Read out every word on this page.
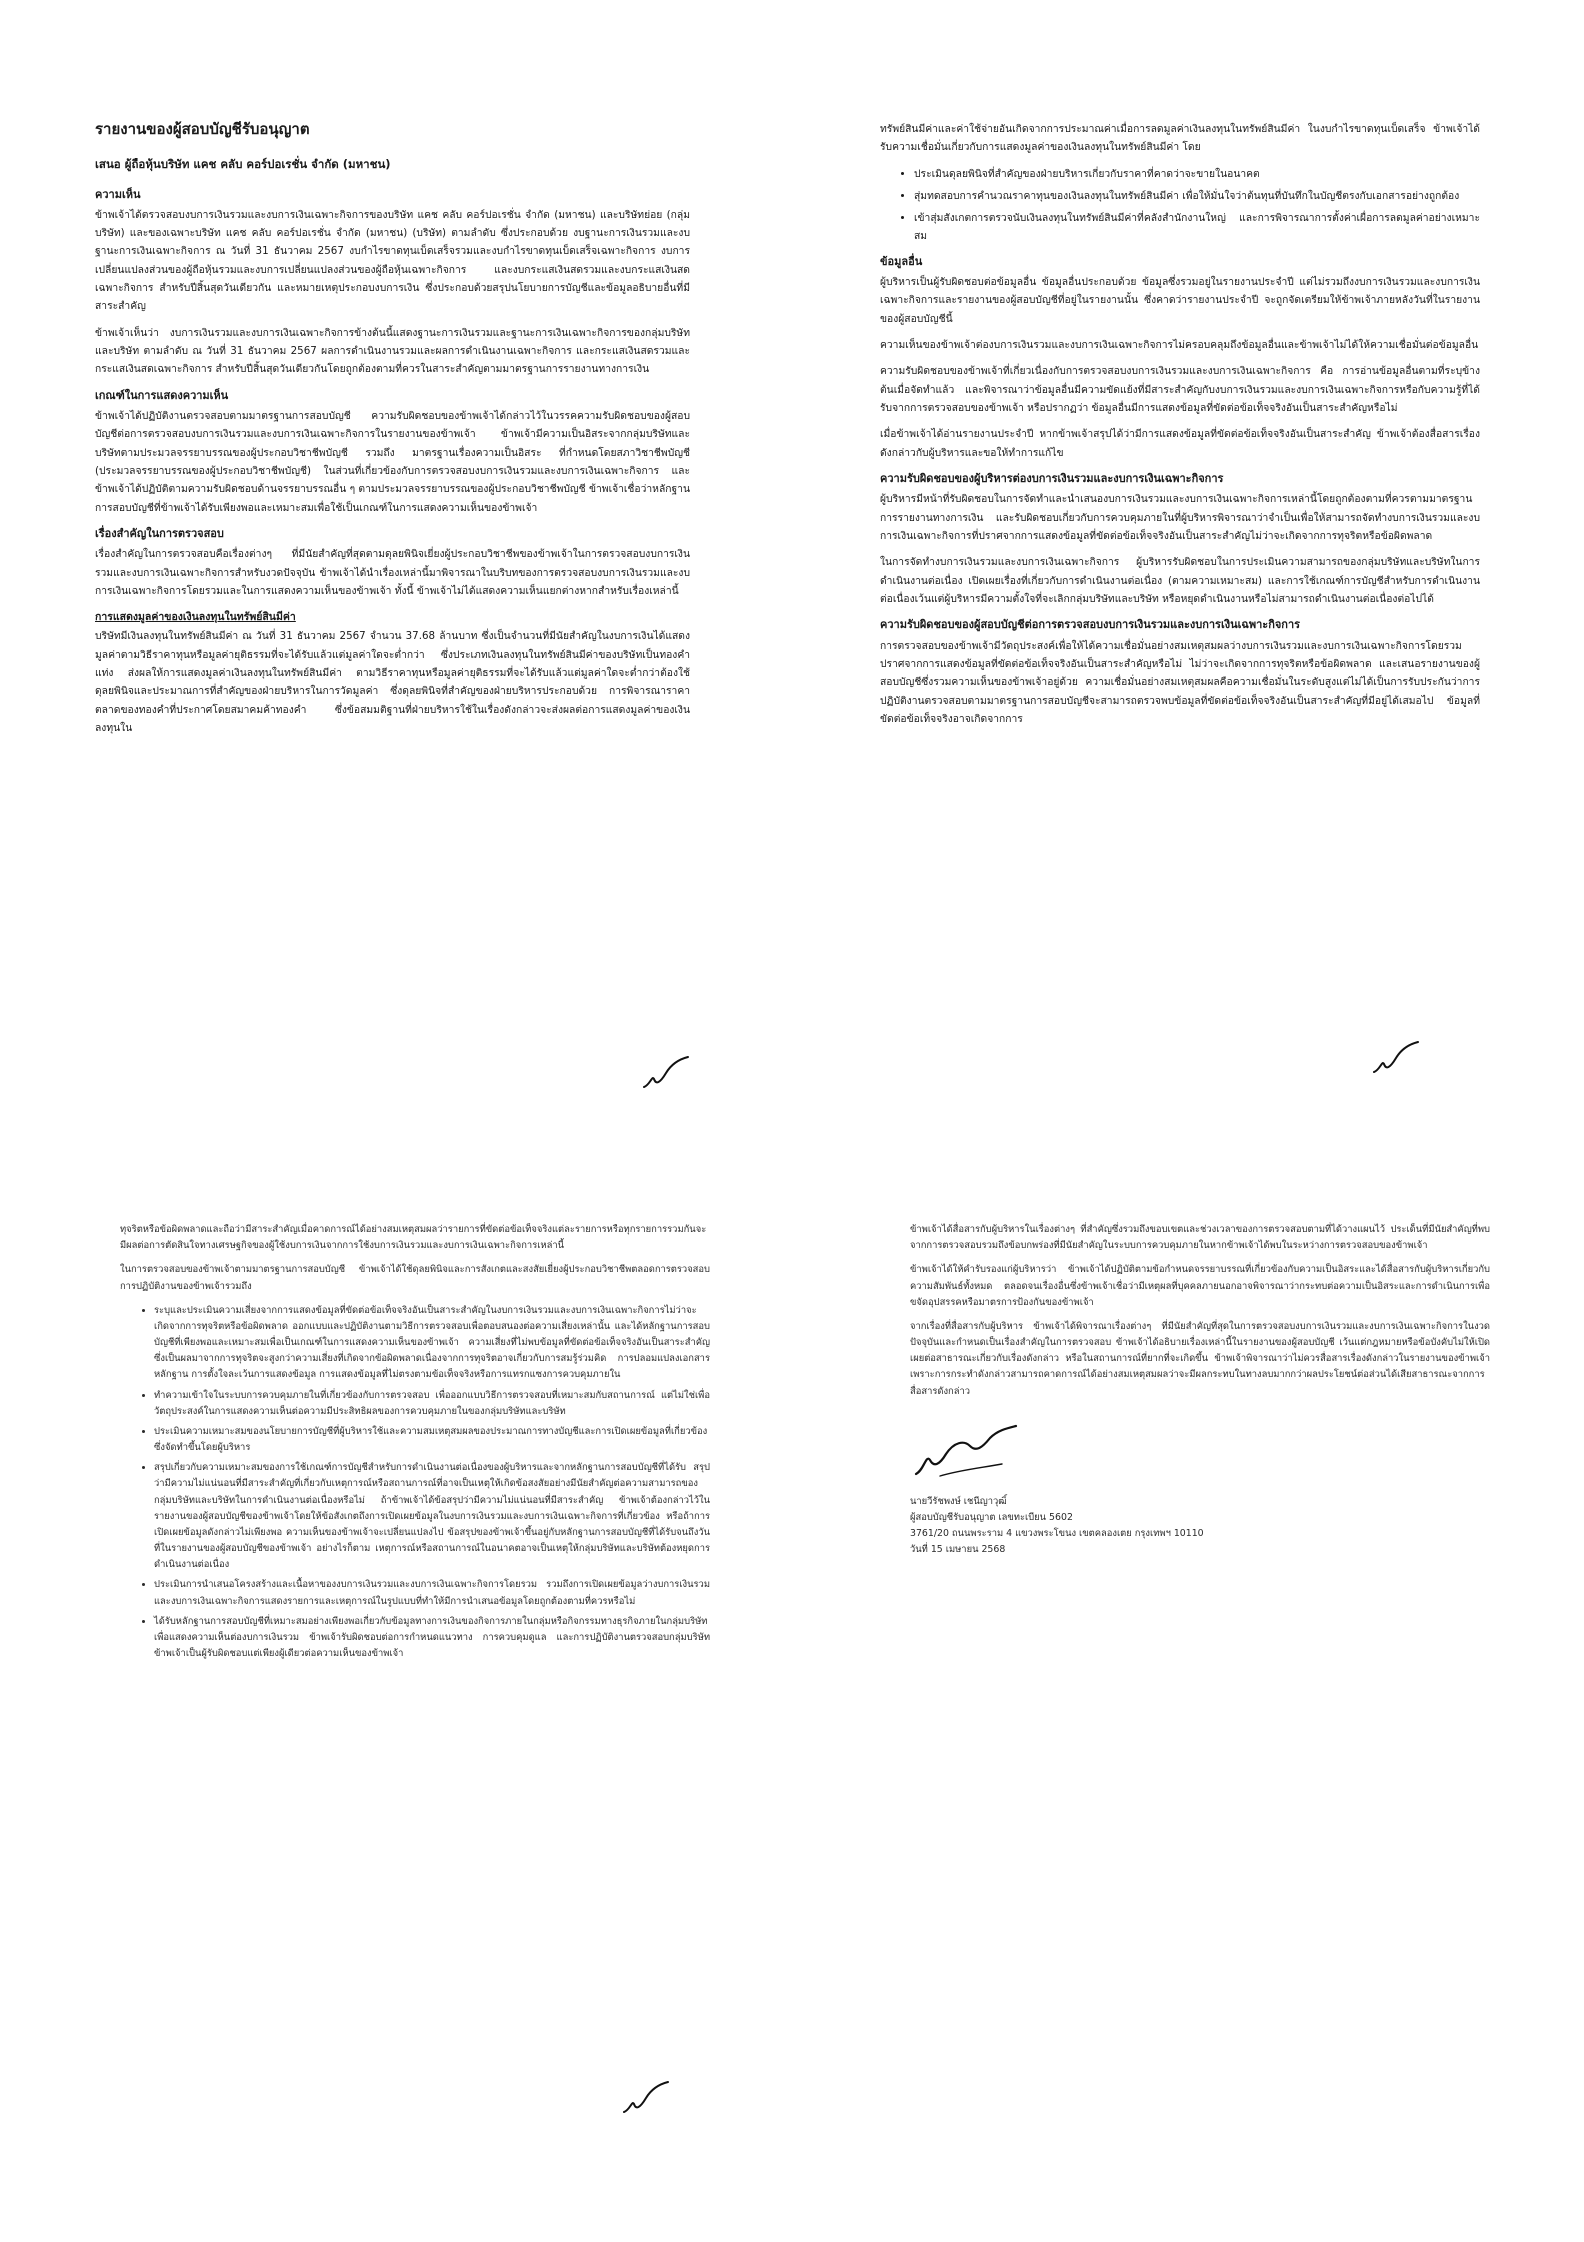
รายงานของผู้สอบบัญชีรับอนุญาต
เสนอ ผู้ถือหุ้นบริษัท แคช คลับ คอร์ปอเรชั่น จำกัด (มหาชน)
ความเห็น

ข้าพเจ้าได้ตรวจสอบงบการเงินรวมและงบการเงินเฉพาะกิจการของบริษัท แคช คลับ คอร์ปอเรชั่น จำกัด (มหาชน) และบริษัทย่อย (กลุ่มบริษัท) และของเฉพาะบริษัท แคช คลับ คอร์ปอเรชั่น จำกัด (มหาชน) (บริษัท) ตามลำดับ ซึ่งประกอบด้วย งบฐานะการเงินรวมและงบฐานะการเงินเฉพาะกิจการ ณ วันที่ 31 ธันวาคม 2567 งบกำไรขาดทุนเบ็ดเสร็จรวมและงบกำไรขาดทุนเบ็ดเสร็จเฉพาะกิจการ งบการเปลี่ยนแปลงส่วนของผู้ถือหุ้นรวมและงบการเปลี่ยนแปลงส่วนของผู้ถือหุ้นเฉพาะกิจการ และงบกระแสเงินสดรวมและงบกระแสเงินสดเฉพาะกิจการ สำหรับปีสิ้นสุดวันเดียวกัน และหมายเหตุประกอบงบการเงิน ซึ่งประกอบด้วยสรุปนโยบายการบัญชีและข้อมูลอธิบายอื่นที่มีสาระสำคัญ

ข้าพเจ้าเห็นว่า งบการเงินรวมและงบการเงินเฉพาะกิจการข้างต้นนี้แสดงฐานะการเงินรวมและฐานะการเงินเฉพาะกิจการของกลุ่มบริษัทและบริษัท ตามลำดับ ณ วันที่ 31 ธันวาคม 2567 ผลการดำเนินงานรวมและผลการดำเนินงานเฉพาะกิจการ และกระแสเงินสดรวมและกระแสเงินสดเฉพาะกิจการ สำหรับปีสิ้นสุดวันเดียวกันโดยถูกต้องตามที่ควรในสาระสำคัญตามมาตรฐานการรายงานทางการเงิน

เกณฑ์ในการแสดงความเห็น

ข้าพเจ้าได้ปฏิบัติงานตรวจสอบตามมาตรฐานการสอบบัญชี ความรับผิดชอบของข้าพเจ้าได้กล่าวไว้ในวรรคความรับผิดชอบของผู้สอบบัญชีต่อการตรวจสอบงบการเงินรวมและงบการเงินเฉพาะกิจการในรายงานของข้าพเจ้า ข้าพเจ้ามีความเป็นอิสระจากกลุ่มบริษัทและบริษัทตามประมวลจรรยาบรรณของผู้ประกอบวิชาชีพบัญชี รวมถึง มาตรฐานเรื่องความเป็นอิสระ ที่กำหนดโดยสภาวิชาชีพบัญชี (ประมวลจรรยาบรรณของผู้ประกอบวิชาชีพบัญชี) ในส่วนที่เกี่ยวข้องกับการตรวจสอบงบการเงินรวมและงบการเงินเฉพาะกิจการ และข้าพเจ้าได้ปฏิบัติตามความรับผิดชอบด้านจรรยาบรรณอื่น ๆ ตามประมวลจรรยาบรรณของผู้ประกอบวิชาชีพบัญชี ข้าพเจ้าเชื่อว่าหลักฐานการสอบบัญชีที่ข้าพเจ้าได้รับเพียงพอและเหมาะสมเพื่อใช้เป็นเกณฑ์ในการแสดงความเห็นของข้าพเจ้า

เรื่องสำคัญในการตรวจสอบ

เรื่องสำคัญในการตรวจสอบคือเรื่องต่างๆ ที่มีนัยสำคัญที่สุดตามดุลยพินิจเยี่ยงผู้ประกอบวิชาชีพของข้าพเจ้าในการตรวจสอบงบการเงินรวมและงบการเงินเฉพาะกิจการสำหรับงวดปัจจุบัน ข้าพเจ้าได้นำเรื่องเหล่านี้มาพิจารณาในบริบทของการตรวจสอบงบการเงินรวมและงบการเงินเฉพาะกิจการโดยรวมและในการแสดงความเห็นของข้าพเจ้า ทั้งนี้ ข้าพเจ้าไม่ได้แสดงความเห็นแยกต่างหากสำหรับเรื่องเหล่านี้

การแสดงมูลค่าของเงินลงทุนในทรัพย์สินมีค่า

บริษัทมีเงินลงทุนในทรัพย์สินมีค่า ณ วันที่ 31 ธันวาคม 2567 จำนวน 37.68 ล้านบาท ซึ่งเป็นจำนวนที่มีนัยสำคัญในงบการเงินได้แสดงมูลค่าตามวิธีราคาทุนหรือมูลค่ายุติธรรมที่จะได้รับแล้วแต่มูลค่าใดจะต่ำกว่า ซึ่งประเภทเงินลงทุนในทรัพย์สินมีค่าของบริษัทเป็นทองคำแท่ง ส่งผลให้การแสดงมูลค่าเงินลงทุนในทรัพย์สินมีค่า ตามวิธีราคาทุนหรือมูลค่ายุติธรรมที่จะได้รับแล้วแต่มูลค่าใดจะต่ำกว่าต้องใช้ดุลยพินิจและประมาณการที่สำคัญของฝ่ายบริหารในการวัดมูลค่า ซึ่งดุลยพินิจที่สำคัญของฝ่ายบริหารประกอบด้วย การพิจารณาราคาตลาดของทองคำที่ประกาศโดยสมาคมค้าทองคำ ซึ่งข้อสมมติฐานที่ฝ่ายบริหารใช้ในเรื่องดังกล่าวจะส่งผลต่อการแสดงมูลค่าของเงินลงทุนใน

ทรัพย์สินมีค่าและค่าใช้จ่ายอันเกิดจากการประมาณค่าเมื่อการลดมูลค่าเงินลงทุนในทรัพย์สินมีค่า ในงบกำไรขาดทุนเบ็ดเสร็จ ข้าพเจ้าได้รับความเชื่อมั่นเกี่ยวกับการแสดงมูลค่าของเงินลงทุนในทรัพย์สินมีค่า โดย

• ประเมินดุลยพินิจที่สำคัญของฝ่ายบริหารเกี่ยวกับราคาที่คาดว่าจะขายในอนาคต
• สุ่มทดสอบการคำนวณราคาทุนของเงินลงทุนในทรัพย์สินมีค่า เพื่อให้มั่นใจว่าต้นทุนที่บันทึกในบัญชีตรงกับเอกสารอย่างถูกต้อง
• เข้าสุ่มสังเกตการตรวจนับเงินลงทุนในทรัพย์สินมีค่าที่คลังสำนักงานใหญ่ และการพิจารณาการตั้งค่าเผื่อการลดมูลค่าอย่างเหมาะสม
ข้อมูลอื่น

ผู้บริหารเป็นผู้รับผิดชอบต่อข้อมูลอื่น ข้อมูลอื่นประกอบด้วย ข้อมูลซึ่งรวมอยู่ในรายงานประจำปี แต่ไม่รวมถึงงบการเงินรวมและงบการเงินเฉพาะกิจการและรายงานของผู้สอบบัญชีที่อยู่ในรายงานนั้น ซึ่งคาดว่ารายงานประจำปี จะถูกจัดเตรียมให้ข้าพเจ้าภายหลังวันที่ในรายงานของผู้สอบบัญชีนี้

ความเห็นของข้าพเจ้าต่องบการเงินรวมและงบการเงินเฉพาะกิจการไม่ครอบคลุมถึงข้อมูลอื่นและข้าพเจ้าไม่ได้ให้ความเชื่อมั่นต่อข้อมูลอื่น

ความรับผิดชอบของข้าพเจ้าที่เกี่ยวเนื่องกับการตรวจสอบงบการเงินรวมและงบการเงินเฉพาะกิจการ คือ การอ่านข้อมูลอื่นตามที่ระบุข้างต้นเมื่อจัดทำแล้ว และพิจารณาว่าข้อมูลอื่นมีความขัดแย้งที่มีสาระสำคัญกับงบการเงินรวมและงบการเงินเฉพาะกิจการหรือกับความรู้ที่ได้รับจากการตรวจสอบของข้าพเจ้า หรือปรากฏว่า ข้อมูลอื่นมีการแสดงข้อมูลที่ขัดต่อข้อเท็จจริงอันเป็นสาระสำคัญหรือไม่

เมื่อข้าพเจ้าได้อ่านรายงานประจำปี หากข้าพเจ้าสรุปได้ว่ามีการแสดงข้อมูลที่ขัดต่อข้อเท็จจริงอันเป็นสาระสำคัญ ข้าพเจ้าต้องสื่อสารเรื่องดังกล่าวกับผู้บริหารและขอให้ทำการแก้ไข

ความรับผิดชอบของผู้บริหารต่องบการเงินรวมและงบการเงินเฉพาะกิจการ

ผู้บริหารมีหน้าที่รับผิดชอบในการจัดทำและนำเสนองบการเงินรวมและงบการเงินเฉพาะกิจการเหล่านี้โดยถูกต้องตามที่ควรตามมาตรฐานการรายงานทางการเงิน และรับผิดชอบเกี่ยวกับการควบคุมภายในที่ผู้บริหารพิจารณาว่าจำเป็นเพื่อให้สามารถจัดทำงบการเงินรวมและงบการเงินเฉพาะกิจการที่ปราศจากการแสดงข้อมูลที่ขัดต่อข้อเท็จจริงอันเป็นสาระสำคัญไม่ว่าจะเกิดจากการทุจริตหรือข้อผิดพลาด

ในการจัดทำงบการเงินรวมและงบการเงินเฉพาะกิจการ ผู้บริหารรับผิดชอบในการประเมินความสามารถของกลุ่มบริษัทและบริษัทในการดำเนินงานต่อเนื่อง เปิดเผยเรื่องที่เกี่ยวกับการดำเนินงานต่อเนื่อง (ตามความเหมาะสม) และการใช้เกณฑ์การบัญชีสำหรับการดำเนินงานต่อเนื่องเว้นแต่ผู้บริหารมีความตั้งใจที่จะเลิกกลุ่มบริษัทและบริษัท หรือหยุดดำเนินงานหรือไม่สามารถดำเนินงานต่อเนื่องต่อไปได้

ความรับผิดชอบของผู้สอบบัญชีต่อการตรวจสอบงบการเงินรวมและงบการเงินเฉพาะกิจการ

การตรวจสอบของข้าพเจ้ามีวัตถุประสงค์เพื่อให้ได้ความเชื่อมั่นอย่างสมเหตุสมผลว่างบการเงินรวมและงบการเงินเฉพาะกิจการโดยรวมปราศจากการแสดงข้อมูลที่ขัดต่อข้อเท็จจริงอันเป็นสาระสำคัญหรือไม่ ไม่ว่าจะเกิดจากการทุจริตหรือข้อผิดพลาด และเสนอรายงานของผู้สอบบัญชีซึ่งรวมความเห็นของข้าพเจ้าอยู่ด้วย ความเชื่อมั่นอย่างสมเหตุสมผลคือความเชื่อมั่นในระดับสูงแต่ไม่ได้เป็นการรับประกันว่าการปฏิบัติงานตรวจสอบตามมาตรฐานการสอบบัญชีจะสามารถตรวจพบข้อมูลที่ขัดต่อข้อเท็จจริงอันเป็นสาระสำคัญที่มีอยู่ได้เสมอไป ข้อมูลที่ขัดต่อข้อเท็จจริงอาจเกิดจากการ

ทุจริตหรือข้อผิดพลาดและถือว่ามีสาระสำคัญเมื่อคาดการณ์ได้อย่างสมเหตุสมผลว่ารายการที่ขัดต่อข้อเท็จจริงแต่ละรายการหรือทุกรายการรวมกันจะมีผลต่อการตัดสินใจทางเศรษฐกิจของผู้ใช้งบการเงินจากการใช้งบการเงินรวมและงบการเงินเฉพาะกิจการเหล่านี้

ในการตรวจสอบของข้าพเจ้าตามมาตรฐานการสอบบัญชี ข้าพเจ้าได้ใช้ดุลยพินิจและการสังเกตและสงสัยเยี่ยงผู้ประกอบวิชาชีพตลอดการตรวจสอบ การปฏิบัติงานของข้าพเจ้ารวมถึง

• ระบุและประเมินความเสี่ยงจากการแสดงข้อมูลที่ขัดต่อข้อเท็จจริงอันเป็นสาระสำคัญในงบการเงินรวมและงบการเงินเฉพาะกิจการไม่ว่าจะเกิดจากการทุจริตหรือข้อผิดพลาด ออกแบบและปฏิบัติงานตามวิธีการตรวจสอบเพื่อตอบสนองต่อความเสี่ยงเหล่านั้น และได้หลักฐานการสอบบัญชีที่เพียงพอและเหมาะสมเพื่อเป็นเกณฑ์ในการแสดงความเห็นของข้าพเจ้า ความเสี่ยงที่ไม่พบข้อมูลที่ขัดต่อข้อเท็จจริงอันเป็นสาระสำคัญซึ่งเป็นผลมาจากการทุจริตจะสูงกว่าความเสี่ยงที่เกิดจากข้อผิดพลาดเนื่องจากการทุจริตอาจเกี่ยวกับการสมรู้ร่วมคิด การปลอมแปลงเอกสารหลักฐาน การตั้งใจละเว้นการแสดงข้อมูล การแสดงข้อมูลที่ไม่ตรงตามข้อเท็จจริงหรือการแทรกแซงการควบคุมภายใน
• ทำความเข้าใจในระบบการควบคุมภายในที่เกี่ยวข้องกับการตรวจสอบ เพื่อออกแบบวิธีการตรวจสอบที่เหมาะสมกับสถานการณ์ แต่ไม่ใช่เพื่อวัตถุประสงค์ในการแสดงความเห็นต่อความมีประสิทธิผลของการควบคุมภายในของกลุ่มบริษัทและบริษัท
• ประเมินความเหมาะสมของนโยบายการบัญชีที่ผู้บริหารใช้และความสมเหตุสมผลของประมาณการทางบัญชีและการเปิดเผยข้อมูลที่เกี่ยวข้องซึ่งจัดทำขึ้นโดยผู้บริหาร
• สรุปเกี่ยวกับความเหมาะสมของการใช้เกณฑ์การบัญชีสำหรับการดำเนินงานต่อเนื่องของผู้บริหารและจากหลักฐานการสอบบัญชีที่ได้รับ สรุปว่ามีความไม่แน่นอนที่มีสาระสำคัญที่เกี่ยวกับเหตุการณ์หรือสถานการณ์ที่อาจเป็นเหตุให้เกิดข้อสงสัยอย่างมีนัยสำคัญต่อความสามารถของกลุ่มบริษัทและบริษัทในการดำเนินงานต่อเนื่องหรือไม่ ถ้าข้าพเจ้าได้ข้อสรุปว่ามีความไม่แน่นอนที่มีสาระสำคัญ ข้าพเจ้าต้องกล่าวไว้ในรายงานของผู้สอบบัญชีของข้าพเจ้าโดยให้ข้อสังเกตถึงการเปิดเผยข้อมูลในงบการเงินรวมและงบการเงินเฉพาะกิจการที่เกี่ยวข้อง หรือถ้าการเปิดเผยข้อมูลดังกล่าวไม่เพียงพอ ความเห็นของข้าพเจ้าจะเปลี่ยนแปลงไป ข้อสรุปของข้าพเจ้าขึ้นอยู่กับหลักฐานการสอบบัญชีที่ได้รับจนถึงวันที่ในรายงานของผู้สอบบัญชีของข้าพเจ้า อย่างไรก็ตาม เหตุการณ์หรือสถานการณ์ในอนาคตอาจเป็นเหตุให้กลุ่มบริษัทและบริษัทต้องหยุดการดำเนินงานต่อเนื่อง
• ประเมินการนำเสนอโครงสร้างและเนื้อหาของงบการเงินรวมและงบการเงินเฉพาะกิจการโดยรวม รวมถึงการเปิดเผยข้อมูลว่างบการเงินรวมและงบการเงินเฉพาะกิจการแสดงรายการและเหตุการณ์ในรูปแบบที่ทำให้มีการนำเสนอข้อมูลโดยถูกต้องตามที่ควรหรือไม่
• ได้รับหลักฐานการสอบบัญชีที่เหมาะสมอย่างเพียงพอเกี่ยวกับข้อมูลทางการเงินของกิจการภายในกลุ่มหรือกิจกรรมทางธุรกิจภายในกลุ่มบริษัทเพื่อแสดงความเห็นต่องบการเงินรวม ข้าพเจ้ารับผิดชอบต่อการกำหนดแนวทาง การควบคุมดูแล และการปฏิบัติงานตรวจสอบกลุ่มบริษัท ข้าพเจ้าเป็นผู้รับผิดชอบแต่เพียงผู้เดียวต่อความเห็นของข้าพเจ้า

ข้าพเจ้าได้สื่อสารกับผู้บริหารในเรื่องต่างๆ ที่สำคัญซึ่งรวมถึงขอบเขตและช่วงเวลาของการตรวจสอบตามที่ได้วางแผนไว้ ประเด็นที่มีนัยสำคัญที่พบจากการตรวจสอบรวมถึงข้อบกพร่องที่มีนัยสำคัญในระบบการควบคุมภายในหากข้าพเจ้าได้พบในระหว่างการตรวจสอบของข้าพเจ้า

ข้าพเจ้าได้ให้คำรับรองแก่ผู้บริหารว่า ข้าพเจ้าได้ปฏิบัติตามข้อกำหนดจรรยาบรรณที่เกี่ยวข้องกับความเป็นอิสระและได้สื่อสารกับผู้บริหารเกี่ยวกับความสัมพันธ์ทั้งหมด ตลอดจนเรื่องอื่นซึ่งข้าพเจ้าเชื่อว่ามีเหตุผลที่บุคคลภายนอกอาจพิจารณาว่ากระทบต่อความเป็นอิสระและการดำเนินการเพื่อขจัดอุปสรรคหรือมาตรการป้องกันของข้าพเจ้า

จากเรื่องที่สื่อสารกับผู้บริหาร ข้าพเจ้าได้พิจารณาเรื่องต่างๆ ที่มีนัยสำคัญที่สุดในการตรวจสอบงบการเงินรวมและงบการเงินเฉพาะกิจการในงวดปัจจุบันและกำหนดเป็นเรื่องสำคัญในการตรวจสอบ ข้าพเจ้าได้อธิบายเรื่องเหล่านี้ในรายงานของผู้สอบบัญชี เว้นแต่กฎหมายหรือข้อบังคับไม่ให้เปิดเผยต่อสาธารณะเกี่ยวกับเรื่องดังกล่าว หรือในสถานการณ์ที่ยากที่จะเกิดขึ้น ข้าพเจ้าพิจารณาว่าไม่ควรสื่อสารเรื่องดังกล่าวในรายงานของข้าพเจ้าเพราะการกระทำดังกล่าวสามารถคาดการณ์ได้อย่างสมเหตุสมผลว่าจะมีผลกระทบในทางลบมากกว่าผลประโยชน์ต่อส่วนได้เสียสาธารณะจากการสื่อสารดังกล่าว

นายวีรัชพงษ์ เชนีญาวุฒิ์
ผู้สอบบัญชีรับอนุญาต เลขทะเบียน 5602
3761/20 ถนนพระราม 4 แขวงพระโขนง เขตคลองเตย กรุงเทพฯ 10110
วันที่ 15 เมษายน 2568
